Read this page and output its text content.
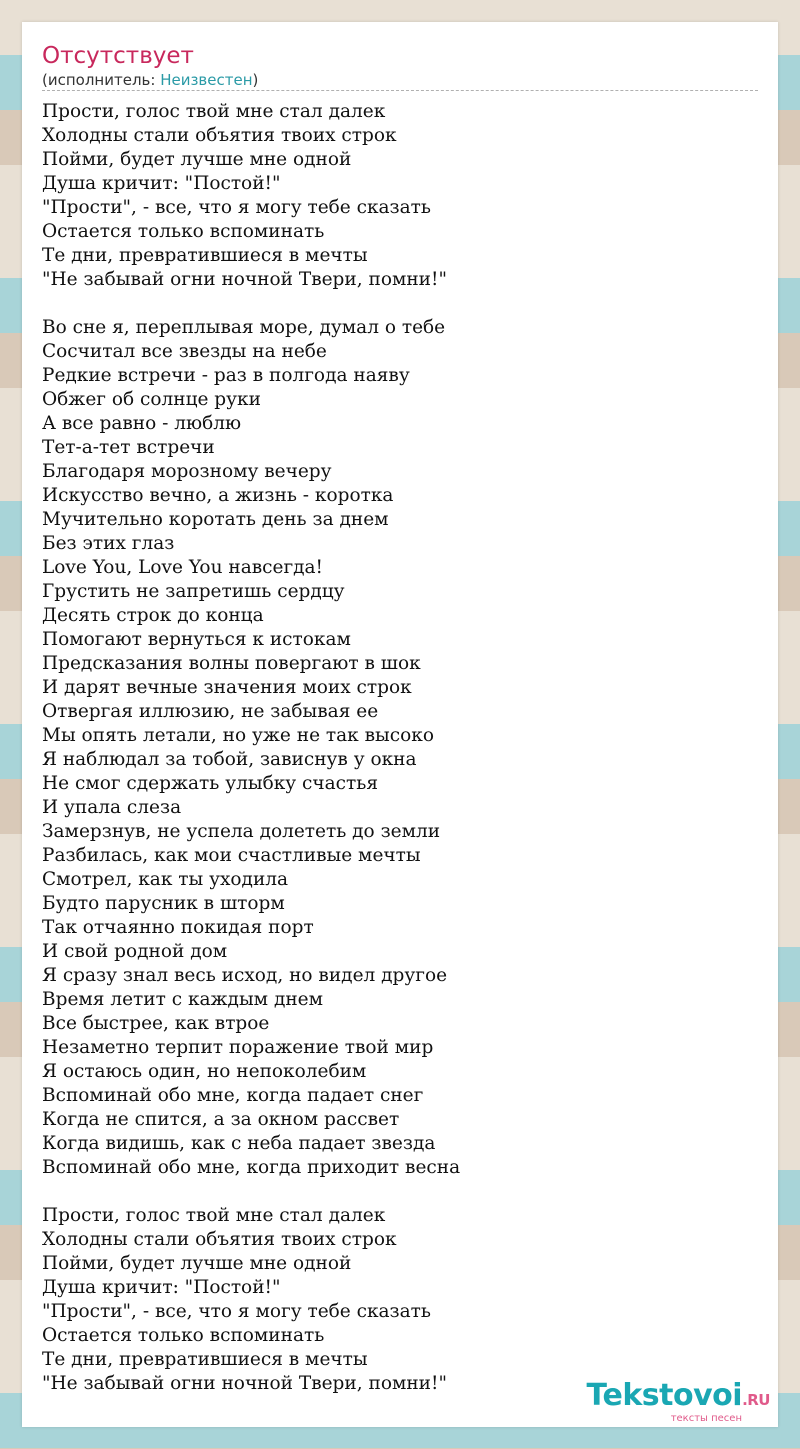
Отсутствует
(исполнитель: Неизвестен)
Прости, голос твой мне стал далек
Холодны стали объятия твоих строк
Пойми, будет лучше мне одной
Душа кричит: "Постой!"
"Прости", - все, что я могу тебе сказать
Остается только вспоминать
Те дни, превратившиеся в мечты
"Не забывай огни ночной Твери, помни!"
Во сне я, переплывая море, думал о тебе
Сосчитал все звезды на небе
Редкие встречи - раз в полгода наяву
Обжег об солнце руки
А все равно - люблю
Тет-а-тет встречи
Благодаря морозному вечеру
Искусство вечно, а жизнь - коротка
Мучительно коротать день за днем
Без этих глаз
Love You, Love You навсегда!
Грустить не запретишь сердцу
Десять строк до конца
Помогают вернуться к истокам
Предсказания волны повергают в шок
И дарят вечные значения моих строк
Отвергая иллюзию, не забывая ее
Мы опять летали, но уже не так высоко
Я наблюдал за тобой, зависнув у окна
Не смог сдержать улыбку счастья
И упала слеза
Замерзнув, не успела долететь до земли
Разбилась, как мои счастливые мечты
Смотрел, как ты уходила
Будто парусник в шторм
Так отчаянно покидая порт
И свой родной дом
Я сразу знал весь исход, но видел другое
Время летит с каждым днем
Все быстрее, как втрое
Незаметно терпит поражение твой мир
Я остаюсь один, но непоколебим
Вспоминай обо мне, когда падает снег
Когда не спится, а за окном рассвет
Когда видишь, как с неба падает звезда
Вспоминай обо мне, когда приходит весна
Прости, голос твой мне стал далек
Холодны стали объятия твоих строк
Пойми, будет лучше мне одной
Душа кричит: "Постой!"
"Прости", - все, что я могу тебе сказать
Остается только вспоминать
Те дни, превратившиеся в мечты
"Не забывай огни ночной Твери, помни!"	Tekstovoi.RU
тексты песен
